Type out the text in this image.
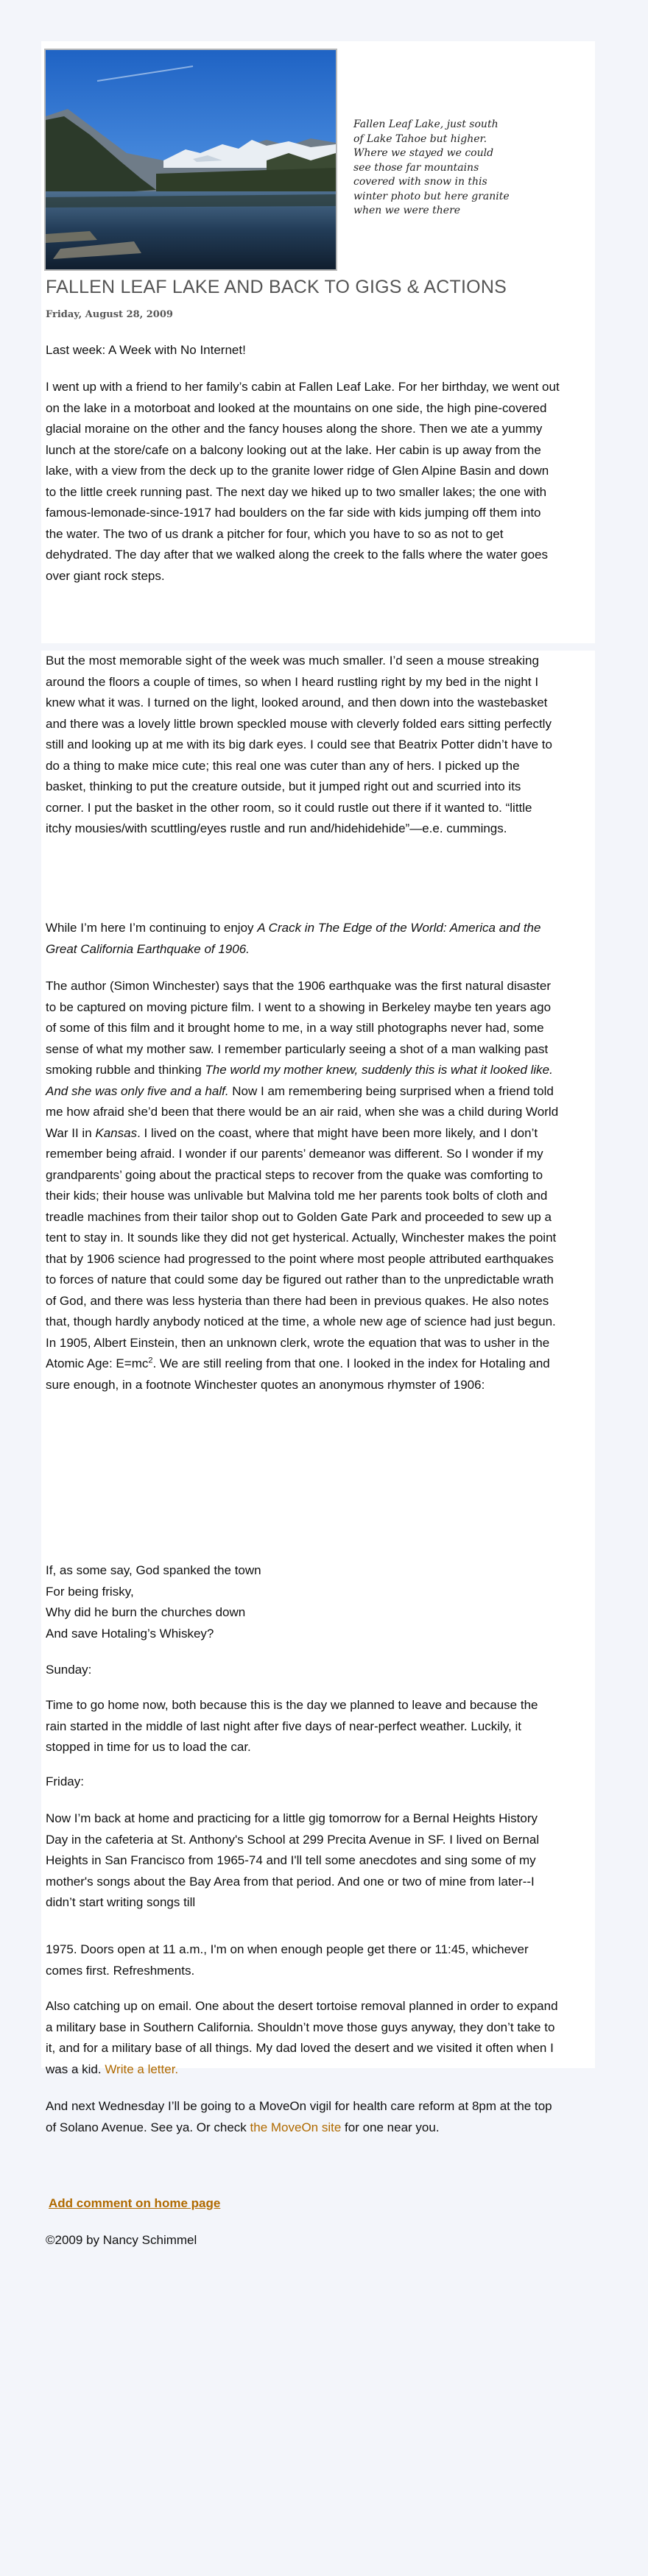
Fallen Leaf Lake, just south of Lake Tahoe but higher. Where we stayed we could see those far mountains covered with snow in this winter photo but here granite when we were there
FALLEN LEAF LAKE AND BACK TO GIGS & ACTIONS
Friday, August 28, 2009
Last week: A Week with No Internet!
I went up with a friend to her family’s cabin at Fallen Leaf Lake. For her birthday, we went out on the lake in a motorboat and looked at the mountains on one side, the high pine-covered glacial moraine on the other and the fancy houses along the shore. Then we ate a yummy lunch at the store/cafe on a balcony looking out at the lake. Her cabin is up away from the lake, with a view from the deck up to the granite lower ridge of Glen Alpine Basin and down to the little creek running past. The next day we hiked up to two smaller lakes; the one with famous-lemonade-since-1917 had boulders on the far side with kids jumping off them into the water. The two of us drank a pitcher for four, which you have to so as not to get dehydrated. The day after that we walked along the creek to the falls where the water goes over giant rock steps.
But the most memorable sight of the week was much smaller. I’d seen a mouse streaking around the floors a couple of times, so when I heard rustling right by my bed in the night I knew what it was. I turned on the light, looked around, and then down into the wastebasket and there was a lovely little brown speckled mouse with cleverly folded ears sitting perfectly still and looking up at me with its big dark eyes. I could see that Beatrix Potter didn’t have to do a thing to make mice cute; this real one was cuter than any of hers. I picked up the basket, thinking to put the creature outside, but it jumped right out and scurried into its corner. I put the basket in the other room, so it could rustle out there if it wanted to. “little itchy mousies/with scuttling/eyes rustle and run and/hidehidehide”—e.e. cummings.
While I’m here I’m continuing to enjoy A Crack in The Edge of the World: America and the Great California Earthquake of 1906.
The author (Simon Winchester) says that the 1906 earthquake was the first natural disaster to be captured on moving picture film. I went to a showing in Berkeley maybe ten years ago of some of this film and it brought home to me, in a way still photographs never had, some sense of what my mother saw. I remember particularly seeing a shot of a man walking past smoking rubble and thinking The world my mother knew, suddenly this is what it looked like. And she was only five and a half. Now I am remembering being surprised when a friend told me how afraid she’d been that there would be an air raid, when she was a child during World War II in Kansas. I lived on the coast, where that might have been more likely, and I don’t remember being afraid. I wonder if our parents’ demeanor was different. So I wonder if my grandparents’ going about the practical steps to recover from the quake was comforting to their kids; their house was unlivable but Malvina told me her parents took bolts of cloth and treadle machines from their tailor shop out to Golden Gate Park and proceeded to sew up a tent to stay in. It sounds like they did not get hysterical. Actually, Winchester makes the point that by 1906 science had progressed to the point where most people attributed earthquakes to forces of nature that could some day be figured out rather than to the unpredictable wrath of God, and there was less hysteria than there had been in previous quakes. He also notes that, though hardly anybody noticed at the time, a whole new age of science had just begun. In 1905, Albert Einstein, then an unknown clerk, wrote the equation that was to usher in the Atomic Age: $E=mc^2$. We are still reeling from that one. I looked in the index for Hotaling and sure enough, in a footnote Winchester quotes an anonymous rhymster of 1906:
If, as some say, God spanked the town
For being frisky,
Why did he burn the churches down
And save Hotaling’s Whiskey?
Sunday:
Time to go home now, both because this is the day we planned to leave and because the rain started in the middle of last night after five days of near-perfect weather. Luckily, it stopped in time for us to load the car.
Friday:
Now I’m back at home and practicing for a little gig tomorrow for a Bernal Heights History Day in the cafeteria at St. Anthony's School at 299 Precita Avenue in SF. I lived on Bernal Heights in San Francisco from 1965-74 and I'll tell some anecdotes and sing some of my mother's songs about the Bay Area from that period. And one or two of mine from later--I didn’t start writing songs till
1975. Doors open at 11 a.m., I'm on when enough people get there or 11:45, whichever comes first. Refreshments.
Also catching up on email. One about the desert tortoise removal planned in order to expand a military base in Southern California. Shouldn’t move those guys anyway, they don’t take to it, and for a military base of all things. My dad loved the desert and we visited it often when I was a kid. Write a letter.
And next Wednesday I’ll be going to a MoveOn vigil for health care reform at 8pm at the top of Solano Avenue. See ya. Or check the MoveOn site for one near you.
Add comment on home page
©2009 by Nancy Schimmel
